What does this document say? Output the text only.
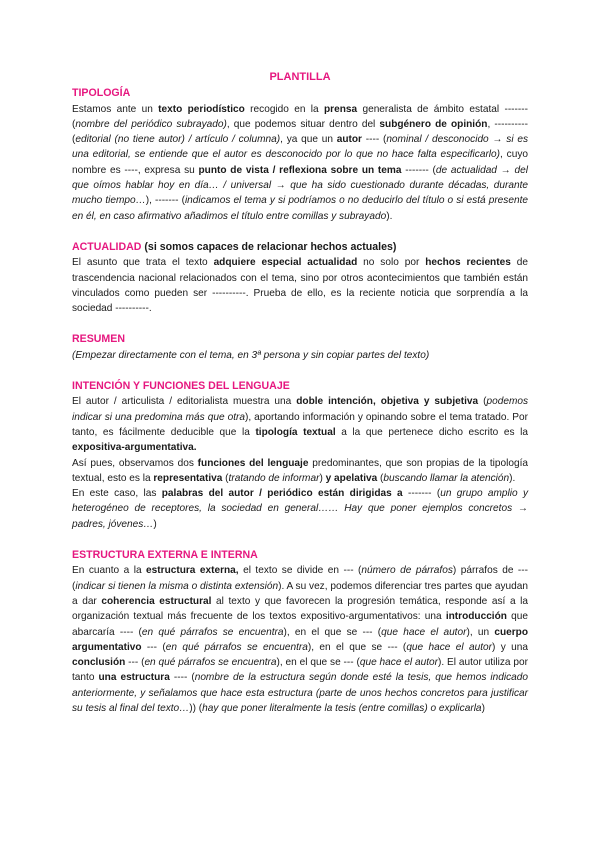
PLANTILLA

TIPOLOGÍA

Estamos ante un texto periodístico recogido en la prensa generalista de ámbito estatal ------- (nombre del periódico subrayado), que podemos situar dentro del subgénero de opinión, ---------- (editorial (no tiene autor) / artículo / columna), ya que un autor ---- (nominal / desconocido → si es una editorial, se entiende que el autor es desconocido por lo que no hace falta especificarlo), cuyo nombre es ----, expresa su punto de vista / reflexiona sobre un tema ------- (de actualidad → del que oímos hablar hoy en día… / universal → que ha sido cuestionado durante décadas, durante mucho tiempo…), ------- (indicamos el tema y si podríamos o no deducirlo del título o si está presente en él, en caso afirmativo añadimos el título entre comillas y subrayado).

ACTUALIDAD (si somos capaces de relacionar hechos actuales)

El asunto que trata el texto adquiere especial actualidad no solo por hechos recientes de trascendencia nacional relacionados con el tema, sino por otros acontecimientos que también están vinculados como pueden ser ----------. Prueba de ello, es la reciente noticia que sorprendía a la sociedad ----------.

RESUMEN

(Empezar directamente con el tema, en 3ª persona y sin copiar partes del texto)

INTENCIÓN Y FUNCIONES DEL LENGUAJE

El autor / articulista / editorialista muestra una doble intención, objetiva y subjetiva (podemos indicar si una predomina más que otra), aportando información y opinando sobre el tema tratado. Por tanto, es fácilmente deducible que la tipología textual a la que pertenece dicho escrito es la expositiva-argumentativa.

Así pues, observamos dos funciones del lenguaje predominantes, que son propias de la tipología textual, esto es la representativa (tratando de informar) y apelativa (buscando llamar la atención).

En este caso, las palabras del autor / periódico están dirigidas a ------- (un grupo amplio y heterogéneo de receptores, la sociedad en general…… Hay que poner ejemplos concretos → padres, jóvenes…)

ESTRUCTURA EXTERNA E INTERNA

En cuanto a la estructura externa, el texto se divide en --- (número de párrafos) párrafos de --- (indicar si tienen la misma o distinta extensión). A su vez, podemos diferenciar tres partes que ayudan a dar coherencia estructural al texto y que favorecen la progresión temática, responde así a la organización textual más frecuente de los textos expositivo-argumentativos: una introducción que abarcaría ---- (en qué párrafos se encuentra), en el que se --- (que hace el autor), un cuerpo argumentativo --- (en qué párrafos se encuentra), en el que se --- (que hace el autor) y una conclusión --- (en qué párrafos se encuentra), en el que se --- (que hace el autor). El autor utiliza por tanto una estructura ---- (nombre de la estructura según donde esté la tesis, que hemos indicado anteriormente, y señalamos que hace esta estructura (parte de unos hechos concretos para justificar su tesis al final del texto…)) (hay que poner literalmente la tesis (entre comillas) o explicarla)
